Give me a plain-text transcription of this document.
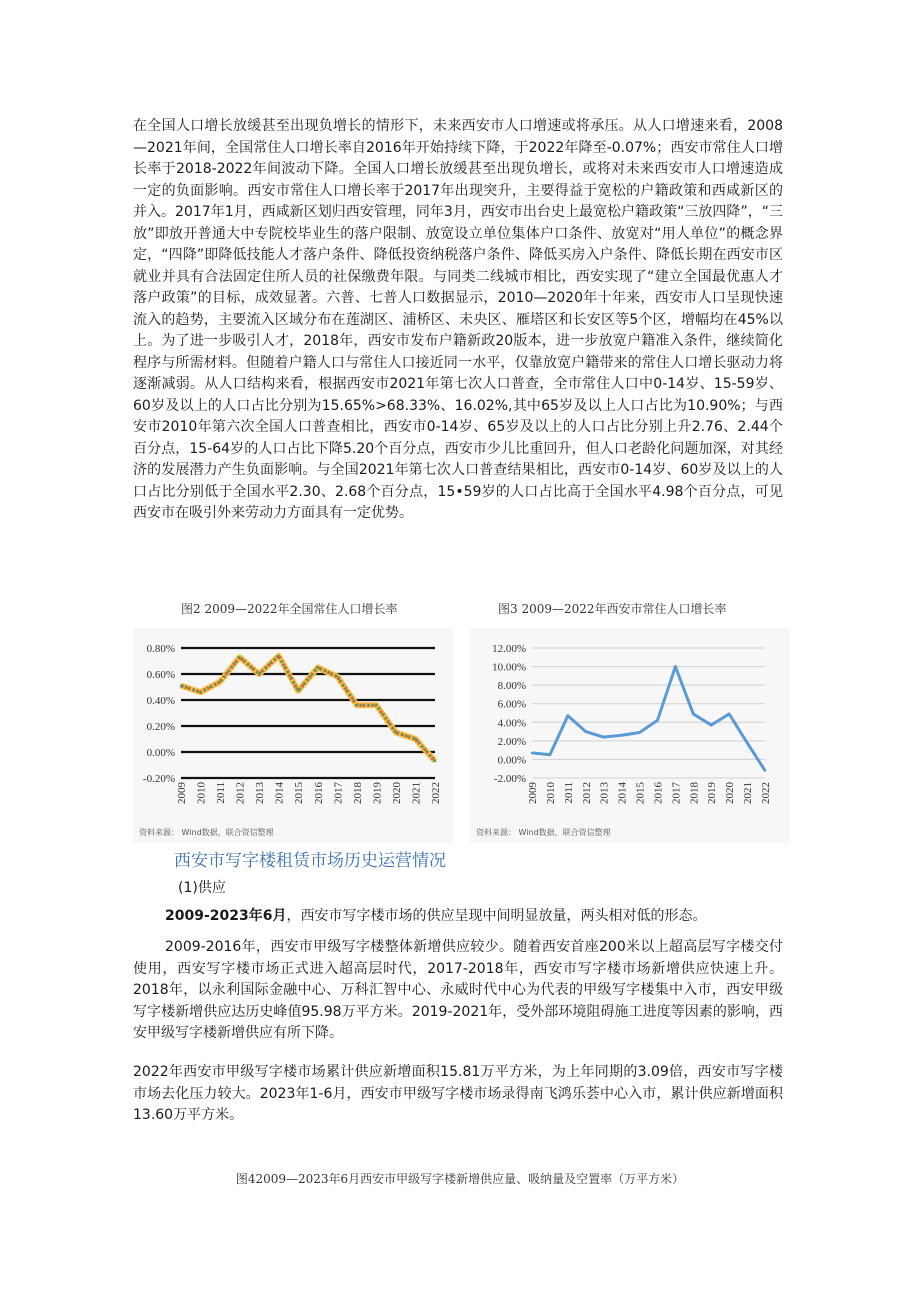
在全国人口增长放缓甚至出现负增长的情形下，未来西安市人口增速或将承压。从人口增速来看，2008—2021年间，全国常住人口增长率自2016年开始持续下降，于2022年降至-0.07%；西安市常住人口增长率于2018-2022年间波动下降。全国人口增长放缓甚至出现负增长，或将对未来西安市人口增速造成一定的负面影响。西安市常住人口增长率于2017年出现突升，主要得益于宽松的户籍政策和西咸新区的并入。2017年1月，西咸新区划归西安管理，同年3月，西安市出台史上最宽松户籍政策“三放四降”，“三放”即放开普通大中专院校毕业生的落户限制、放宽设立单位集体户口条件、放宽对“用人单位”的概念界定，“四降”即降低技能人才落户条件、降低投资纳税落户条件、降低买房入户条件、降低长期在西安市区就业并具有合法固定住所人员的社保缴费年限。与同类二线城市相比，西安实现了“建立全国最优惠人才落户政策”的目标，成效显著。六普、七普人口数据显示，2010—2020年十年来，西安市人口呈现快速流入的趋势，主要流入区域分布在莲湖区、浦桥区、未央区、雁塔区和长安区等5个区，增幅均在45%以上。为了进一步吸引人才，2018年，西安市发布户籍新政20版本，进一步放宽户籍准入条件，继续简化程序与所需材料。但随着户籍人口与常住人口接近同一水平，仅靠放宽户籍带来的常住人口增长驱动力将逐渐减弱。从人口结构来看，根据西安市2021年第七次人口普查，全市常住人口中0-14岁、15-59岁、60岁及以上的人口占比分别为15.65%>68.33%、16.02%,其中65岁及以上人口占比为10.90%；与西安市2010年第六次全国人口普查相比，西安市0-14岁、65岁及以上的人口占比分别上升2.76、2.44个百分点，15-64岁的人口占比下降5.20个百分点，西安市少儿比重回升，但人口老龄化问题加深，对其经济的发展潜力产生负面影响。与全国2021年第七次人口普查结果相比，西安市0-14岁、60岁及以上的人口占比分别低于全国水平2.30、2.68个百分点，15•59岁的人口占比高于全国水平4.98个百分点，可见西安市在吸引外来劳动力方面具有一定优势。

图2 2009—2022年全国常住人口增长率	图3 2009—2022年西安市常住人口增长率
0.80%
0.60%
0.40%
0.20%
0.00%
-0.20%
2009 2010 2011 2012 2013 2014 2015 2016 2017 2018 2019 2020 2021 2022
资料来源： Wind数据，联合资信整理
12.00%
10.00%
8.00%
6.00%
4.00%
2.00%
0.00%
-2.00%
2009 2010 2011 2012 2013 2014 2015 2016 2017 2018 2019 2020 2021 2022
资料来源： Wind数据，联合资信整理
西安市写字楼租赁市场历史运营情况
(1)供应

2009-2023年6月，西安市写字楼市场的供应呈现中间明显放量，两头相对低的形态。

2009-2016年，西安市甲级写字楼整体新增供应较少。随着西安首座200米以上超高层写字楼交付使用，西安写字楼市场正式进入超高层时代，2017-2018年，西安市写字楼市场新增供应快速上升。2018年，以永利国际金融中心、万科汇智中心、永威时代中心为代表的甲级写字楼集中入市，西安甲级写字楼新增供应达历史峰值95.98万平方米。2019-2021年，受外部环境阻碍施工进度等因素的影响，西安甲级写字楼新增供应有所下降。

2022年西安市甲级写字楼市场累计供应新增面积15.81万平方米，为上年同期的3.09倍，西安市写字楼市场去化压力较大。2023年1-6月，西安市甲级写字楼市场录得南飞鸿乐荟中心入市，累计供应新增面积13.60万平方米。

图42009—2023年6月西安市甲级写字楼新增供应量、吸纳量及空置率（万平方米）
